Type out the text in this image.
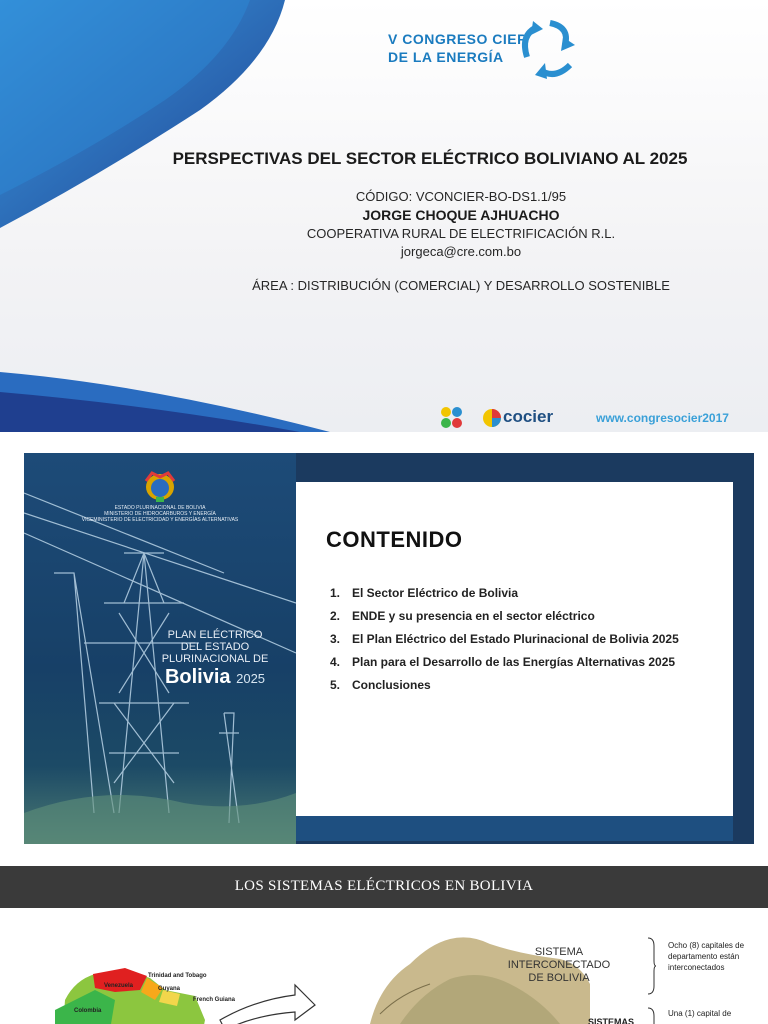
V CONGRESO CIER
DE LA ENERGÍA
PERSPECTIVAS DEL SECTOR ELÉCTRICO BOLIVIANO AL 2025
CÓDIGO: VCONCIER-BO-DS1.1/95
JORGE CHOQUE AJHUACHO
COOPERATIVA RURAL DE ELECTRIFICACIÓN R.L.
jorgeca@cre.com.bo
ÁREA : DISTRIBUCIÓN (COMERCIAL) Y DESARROLLO SOSTENIBLE
cocier	www.congresocier2017
ESTADO PLURINACIONAL DE BOLIVIA
MINISTERIO DE HIDROCARBUROS Y ENERGÍA
VICEMINISTERIO DE ELECTRICIDAD Y ENERGÍAS ALTERNATIVAS
PLAN ELÉCTRICO
DEL ESTADO
PLURINACIONAL DE
Bolivia 2025
CONTENIDO
1. El Sector Eléctrico de Bolivia
2. ENDE y su presencia en el sector eléctrico
3. El Plan Eléctrico del Estado Plurinacional de Bolivia 2025
4. Plan para el Desarrollo de las Energías Alternativas 2025
5. Conclusiones
LOS SISTEMAS ELÉCTRICOS EN BOLIVIA
Trinidad and Tobago
Venezuela	Guyana
French Guiana
Colombia
SISTEMA INTERCONECTADO DE BOLIVIA
Ocho (8) capitales de departamento están interconectados
Una (1) capital de
SISTEMAS
